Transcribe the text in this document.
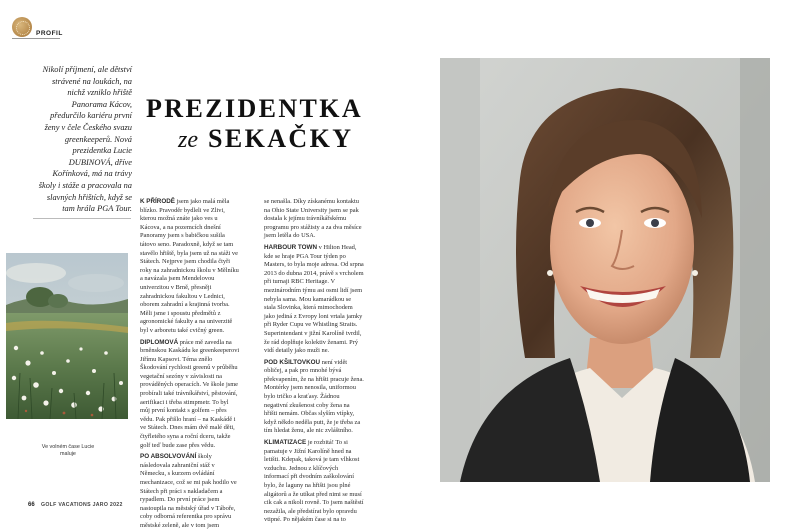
PROFIL
Nikolí příjmení, ale dětství strávené na loukách, na nichž vzniklo hřiště Panorama Kácov, předurčilo kariéru první ženy v čele Českého svazu greenkeeperů. Nová prezidentka Lucie DUBINOVÁ, dříve Kořínková, má na trávy školy i stáže a pracovala na slavných hřištích, když se tam hrála PGA Tour.
Ve volném čase Lucie maluje
PREZIDENTKA
ze SEKAČKY

K PŘÍRODĚ jsem jako malá měla blízko. Pravoděr bydleli ve Zlivi, kterou možná znáte jako ves u Kácova, a na pozemcích dnešní Panoramy jsem s babičkou sušila tátovo seno. Paradoxně, když se tam stavělo hřiště, byla jsem už na stáži ve Státech. Nejprve jsem chodila čtyři roky na zahradnickou školu v Mělníku a navázala jsem Mendelovou univerzitou v Brně, přesněji zahradnickou fakultou v Lednici, oborem zahradní a krajinná tvorba. Měli jsme i spoustu předmětů z agronomické fakulty a na univerzitě byl v arboretu také cvičný green.

DIPLOMOVÁ práce mě zavedla na brněnskou Kaskádu ke greenkeeperovi Jiřímu Kapsovi. Téma znělo Škodování rychlosti greenů v průběhu vegetační sezóny v závislosti na prováděných operacích. Ve škole jsme probírali také trávníkářství, pěstování, aerifikaci i třeba stimpmetr. To byl můj první kontakt s golfem – přes vědu. Pak přišlo hraní – na Kaskádě i ve Státech. Dnes mám dvě malé děti, čtyřletého syna a roční dceru, takže golf teď bude zase přes vědu.

PO ABSOLVOVÁNÍ školy následovala zahraniční stáž v Německu, s kurzem ovládání mechanizace, což se mi pak hodilo ve Státech při práci s nakladačem a rypadlem. Do první práce jsem nastoupila na městský úřad v Táboře, coby odborná referentka pro správu městské zeleně, ale v tom jsem

se nenašla. Díky získanému kontaktu na Ohio State University jsem se pak dostala k jejímu trávníkářskému programu pro stážisty a za dva měsíce jsem letěla do USA.

HARBOUR TOWN v Hilton Head, kde se hraje PGA Tour týden po Masters, to byla moje adresa. Od srpna 2013 do dubna 2014, právě s vrcholem při turnaji RBC Heritage. V mezinárodním týmu asi osmi lidí jsem nebyla sama. Mou kamarádkou se stala Slovinka, která mimochodem jako jediná z Evropy loni vrtala jamky při Ryder Cupu ve Whistling Straits. Superintendant v jižní Karolíně tvrdil, že rád doplňuje kolektiv ženami. Prý vidí detaily jako muži ne.

POD KŠILTOVKOU není vidět obličej, a pak pro mnohé bývá překvapením, že na hřišti pracuje žena. Montérky jsem nenosila, uniformou bylo tričko a kraťasy. Žádnou negativní zkušenost coby žena na hřišti nemám. Občas slyším vtípky, když někdo neděla putt, že je třeba za tím hledat ženu, ale nic zvláštního.

KLIMATIZACE je rozbitá! To si pamatuje v Jižní Karolíně hned na letišti. Kdepak, taková je tam vlhkost vzduchu. Jednou z klíčových informací při dvodním zaškolování bylo, že laguny na hřišti jsou plné aligátorů a že utíkat před nimi se musí cik cak a nikoli rovně. To jsem naštěstí nezažila, ale předstírat bylo opravdu vtipné. Po nějakém čase si na to

66 GOLF VACATIONS JARO 2022
